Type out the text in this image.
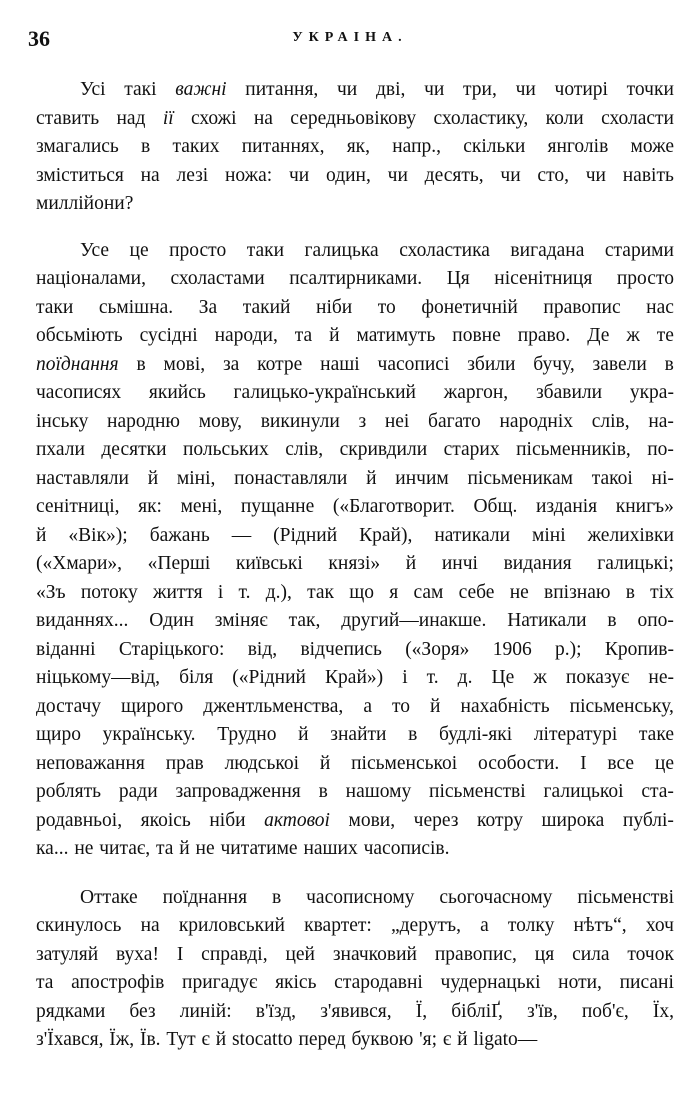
36	УКРАІНА.
Усі такі важні питання, чи дві, чи три, чи чотирі точки
ставить над ії схожі на середньовікову схоластику, коли схоласти
змагались в таких питаннях, як, напр., скільки янголів може
зміститься на лезі ножа: чи один, чи десять, чи сто, чи навіть
миллійони?
Усе це просто таки галицька схоластика вигадана старими
націоналами, схоластами псалтирниками. Ця нісенітниця просто
таки сьмішна. За такий ніби то фонетичній правопис нас
обсьміють сусідні народи, та й матимуть повне право. Де ж те
поїднання в мові, за котре наші часописі збили бучу, завели в
часописях якийсь галицько-український жаргон, збавили укра-
інську народню мову, викинули з неі багато народніх слів, на-
пхали десятки польських слів, скривдили старих пісьменників, по-
наставляли й міні, понаставляли й инчим пісьменикам такоі ні-
сенітниці, як: мені, пущанне («Благотворит. Общ. изданія книгъ»
й «Вік»); бажань — (Рідний Край), натикали міні желихівки
(«Хмари», «Перші київські князі» й инчі видания галицькі;
«Зъ потоку життя і т. д.), так що я сам себе не впізнаю в тіх
виданнях... Один зміняє так, другий—инакше. Натикали в опо-
віданні Старіцького: від, відчепись («Зоря» 1906 р.); Кропив-
ніцькому—від, біля («Рідний Край») і т. д. Це ж показує не-
достачу щирого джентльменства, а то й нахабність пісьменську,
щиро українську. Трудно й знайти в будлі-які літературі таке
неповажання прав людськоі й пісьменськоі особости. І все це
роблять ради запровадження в нашому пісьменстві галицькоі ста-
родавньоі, якоісь ніби актовоі мови, через котру широка публі-
ка... не читає, та й не читатиме наших часописів.
Оттаке поїднання в часописному сьогочасному пісьменстві
скинулось на криловський квартет: „дерутъ, а толку нѣтъ“, хоч
затуляй вуха! І справді, цей значковий правопис, ця сила точок
та апострофів пригадує якісь стародавні чудернацькі ноти, писані
рядками без линій: в'їзд, з'явився, Ї, бібліҐ, з'їв, поб'є, Їх,
з'Їхався, Їж, Їв. Тут є й stocatto перед буквою 'я; є й ligato—
